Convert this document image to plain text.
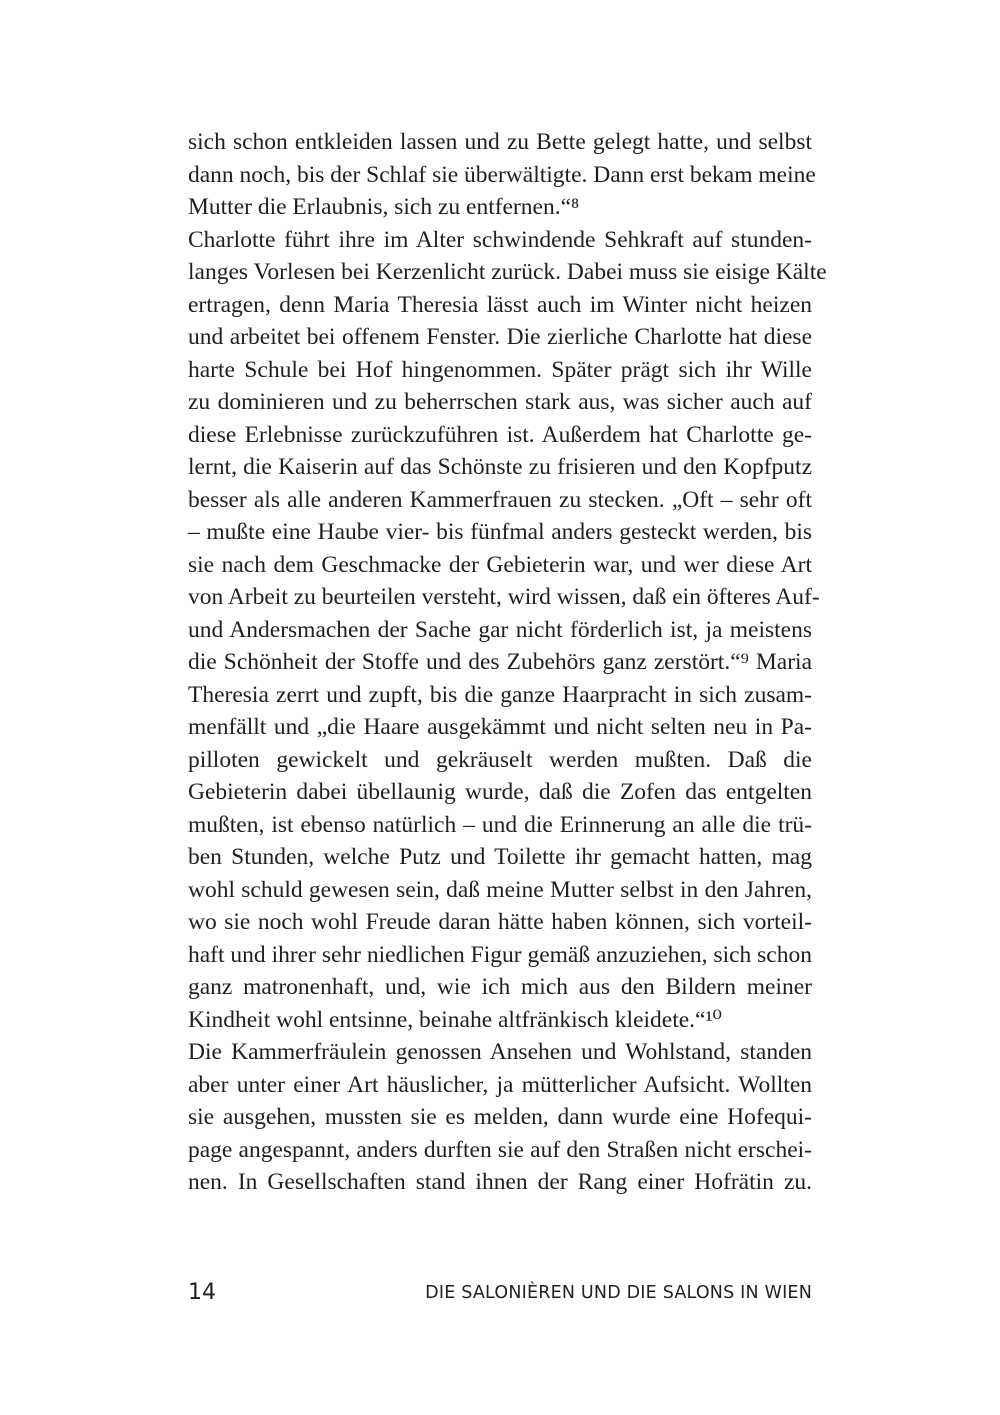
sich schon entkleiden lassen und zu Bette gelegt hatte, und selbst
dann noch, bis der Schlaf sie überwältigte. Dann erst bekam meine
Mutter die Erlaubnis, sich zu entfernen.“⁸
Charlotte führt ihre im Alter schwindende Sehkraft auf stunden-
langes Vorlesen bei Kerzenlicht zurück. Dabei muss sie eisige Kälte
ertragen, denn Maria Theresia lässt auch im Winter nicht heizen
und arbeitet bei offenem Fenster. Die zierliche Charlotte hat diese
harte Schule bei Hof hingenommen. Später prägt sich ihr Wille
zu dominieren und zu beherrschen stark aus, was sicher auch auf
diese Erlebnisse zurückzuführen ist. Außerdem hat Charlotte ge-
lernt, die Kaiserin auf das Schönste zu frisieren und den Kopfputz
besser als alle anderen Kammerfrauen zu stecken. „Oft – sehr oft
– mußte eine Haube vier- bis fünfmal anders gesteckt werden, bis
sie nach dem Geschmacke der Gebieterin war, und wer diese Art
von Arbeit zu beurteilen versteht, wird wissen, daß ein öfteres Auf-
und Andersmachen der Sache gar nicht förderlich ist, ja meistens
die Schönheit der Stoffe und des Zubehörs ganz zerstört.“⁹ Maria
Theresia zerrt und zupft, bis die ganze Haarpracht in sich zusam-
menfällt und „die Haare ausgekämmt und nicht selten neu in Pa-
pilloten gewickelt und gekräuselt werden mußten. Daß die
Gebieterin dabei übellaunig wurde, daß die Zofen das entgelten
mußten, ist ebenso natürlich – und die Erinnerung an alle die trü-
ben Stunden, welche Putz und Toilette ihr gemacht hatten, mag
wohl schuld gewesen sein, daß meine Mutter selbst in den Jahren,
wo sie noch wohl Freude daran hätte haben können, sich vorteil-
haft und ihrer sehr niedlichen Figur gemäß anzuziehen, sich schon
ganz matronenhaft, und, wie ich mich aus den Bildern meiner
Kindheit wohl entsinne, beinahe altfränkisch kleidete.“¹⁰
Die Kammerfräulein genossen Ansehen und Wohlstand, standen
aber unter einer Art häuslicher, ja mütterlicher Aufsicht. Wollten
sie ausgehen, mussten sie es melden, dann wurde eine Hofequi-
page angespannt, anders durften sie auf den Straßen nicht erschei-
nen. In Gesellschaften stand ihnen der Rang einer Hofrätin zu.
14	DIE SALONIÈREN UND DIE SALONS IN WIEN
